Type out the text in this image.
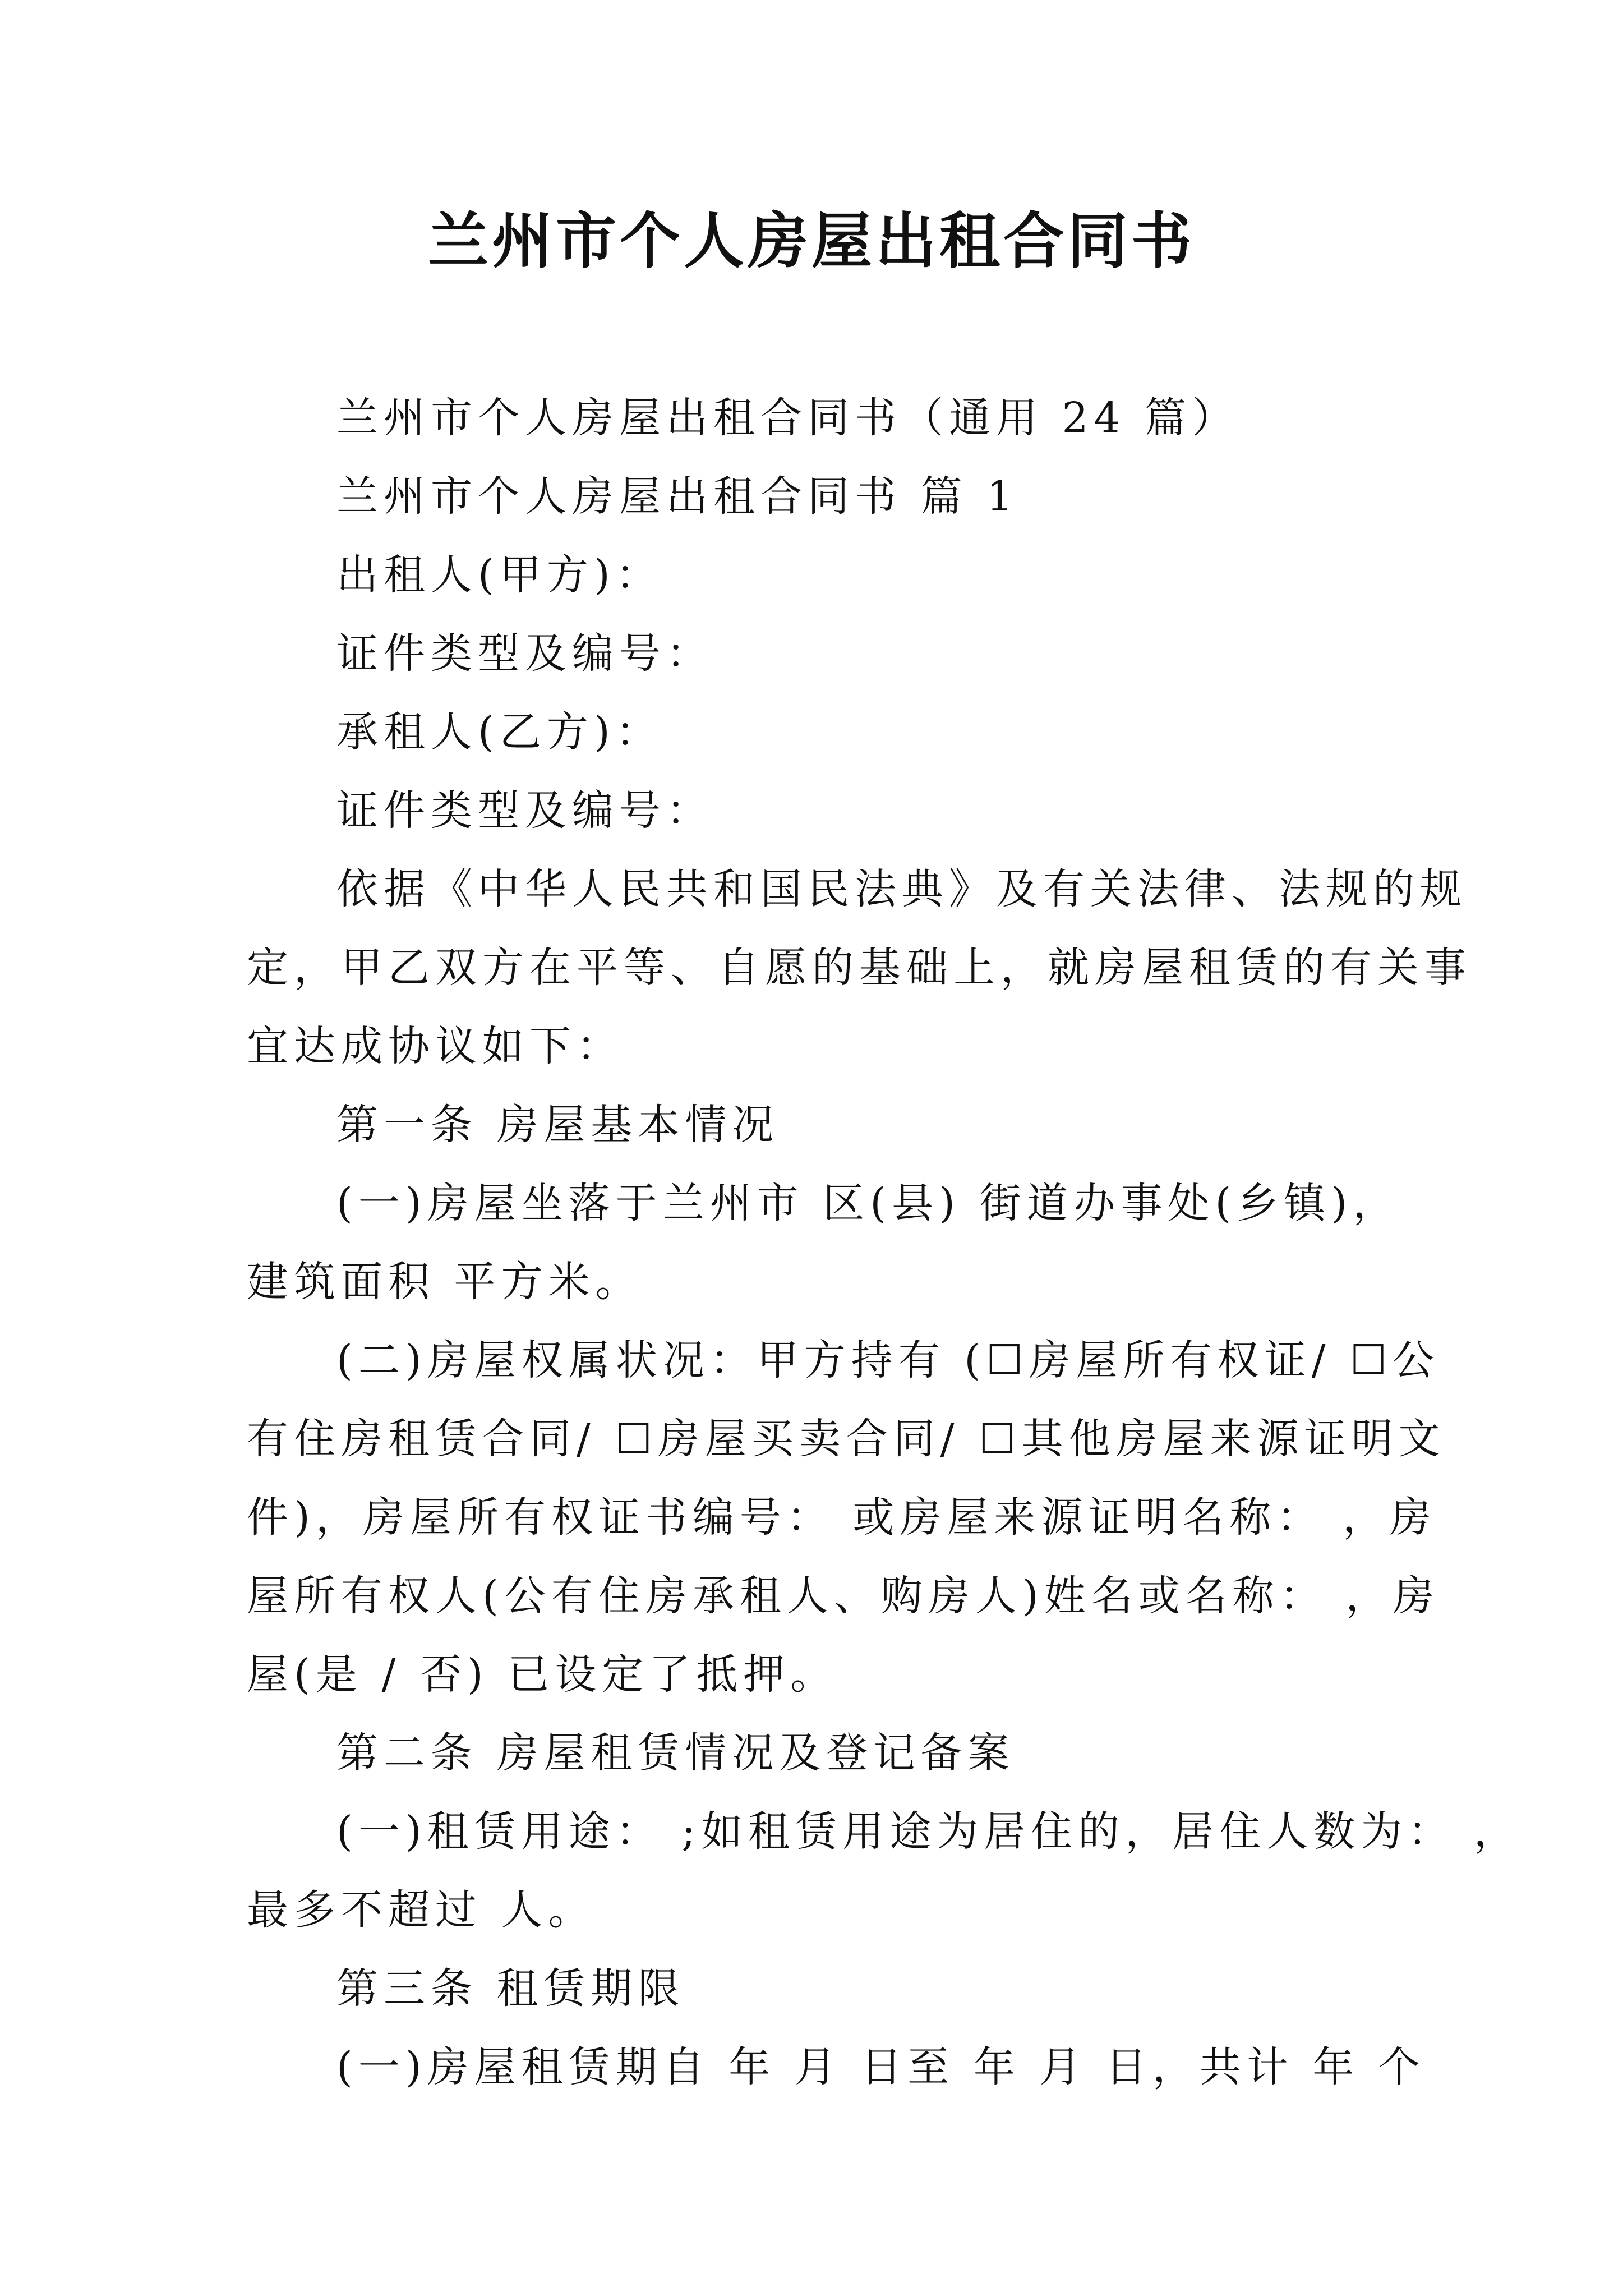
兰州市个人房屋出租合同书
兰州市个人房屋出租合同书（通用 24 篇）
兰州市个人房屋出租合同书 篇 1
出租人(甲方)：
证件类型及编号：
承租人(乙方)：
证件类型及编号：
依据《中华人民共和国民法典》及有关法律、法规的规
定，甲乙双方在平等、自愿的基础上，就房屋租赁的有关事
宜达成协议如下：
第一条 房屋基本情况
(一)房屋坐落于兰州市 区(县) 街道办事处(乡镇)，
建筑面积 平方米。
(二)房屋权属状况：甲方持有 (☐房屋所有权证/ ☐公
有住房租赁合同/ ☐房屋买卖合同/ ☐其他房屋来源证明文
件)，房屋所有权证书编号： 或房屋来源证明名称： ，房
屋所有权人(公有住房承租人、购房人)姓名或名称： ，房
屋(是 / 否) 已设定了抵押。
第二条 房屋租赁情况及登记备案
(一)租赁用途： ;如租赁用途为居住的，居住人数为： ，
最多不超过 人。
第三条 租赁期限
(一)房屋租赁期自 年 月 日至 年 月 日，共计 年 个
